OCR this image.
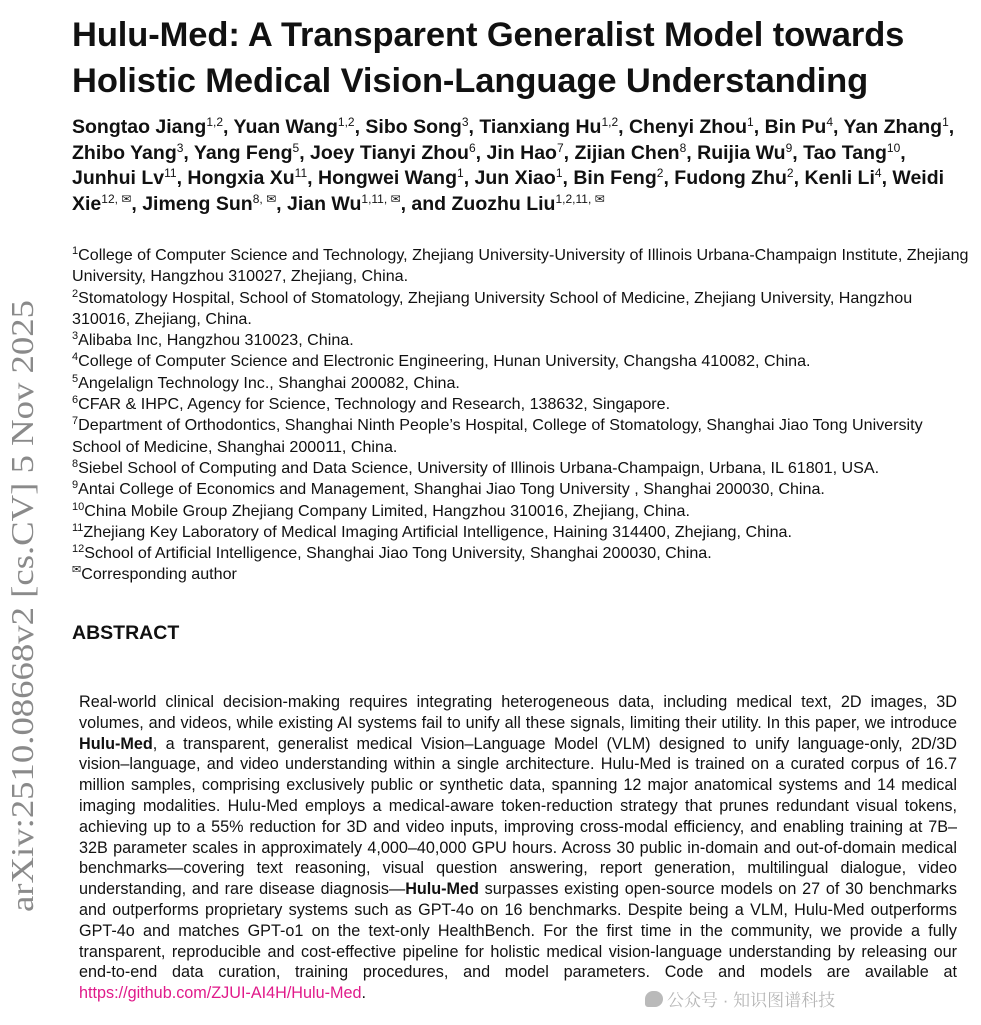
arXiv:2510.08668v2 [cs.CV] 5 Nov 2025
Hulu-Med: A Transparent Generalist Model towards Holistic Medical Vision-Language Understanding

Songtao Jiang$^{1,2}$, Yuan Wang$^{1,2}$, Sibo Song$^3$, Tianxiang Hu$^{1,2}$, Chenyi Zhou$^1$, Bin Pu$^4$, Yan Zhang$^1$, Zhibo Yang$^3$, Yang Feng$^5$, Joey Tianyi Zhou$^6$, Jin Hao$^7$, Zijian Chen$^8$, Ruijia Wu$^9$, Tao Tang$^{10}$, Junhui Lv$^{11}$, Hongxia Xu$^{11}$, Hongwei Wang$^1$, Jun Xiao$^1$, Bin Feng$^2$, Fudong Zhu$^2$, Kenli Li$^4$, Weidi Xie$^{12, ✉}$, Jimeng Sun$^{8, ✉}$, Jian $Wu^{1,11, ✉}$, and Zuozhu Liu$^{1,2,11, ✉}$

$^1$College of Computer Science and Technology, Zhejiang University-University of Illinois Urbana-Champaign Institute, Zhejiang University, Hangzhou 310027, Zhejiang, China.

$^2$Stomatology Hospital, School of Stomatology, Zhejiang University School of Medicine, Zhejiang University, Hangzhou 310016, Zhejiang, China.

$^3$Alibaba Inc, Hangzhou 310023, China.

$^4$College of Computer Science and Electronic Engineering, Hunan University, Changsha 410082, China.

$^5$Angelalign Technology Inc., Shanghai 200082, China.

$^6$CFAR & IHPC, Agency for Science, Technology and Research, 138632, Singapore.

$^7$Department of Orthodontics, Shanghai Ninth People’s Hospital, College of Stomatology, Shanghai Jiao Tong University School of Medicine, Shanghai 200011, China.

$^8$Siebel School of Computing and Data Science, University of Illinois Urbana-Champaign, Urbana, IL 61801, USA.

$^9$Antai College of Economics and Management, Shanghai Jiao Tong University , Shanghai 200030, China.

$^{10}$China Mobile Group Zhejiang Company Limited, Hangzhou 310016, Zhejiang, China.

$^{11}$Zhejiang Key Laboratory of Medical Imaging Artificial Intelligence, Haining 314400, Zhejiang, China.

$^{12}$School of Artificial Intelligence, Shanghai Jiao Tong University, Shanghai 200030, China.

✉Corresponding author

ABSTRACT

Real-world clinical decision-making requires integrating heterogeneous data, including medical text, 2D images, 3D volumes, and videos, while existing AI systems fail to unify all these signals, limiting their utility. In this paper, we introduce Hulu-Med, a transparent, generalist medical Vision–Language Model (VLM) designed to unify language-only, 2D/3D vision–language, and video understanding within a single architecture. Hulu-Med is trained on a curated corpus of 16.7 million samples, comprising exclusively public or synthetic data, spanning 12 major anatomical systems and 14 medical imaging modalities. Hulu-Med employs a medical-aware token-reduction strategy that prunes redundant visual tokens, achieving up to a 55% reduction for 3D and video inputs, improving cross-modal efficiency, and enabling training at 7B–32B parameter scales in approximately 4,000–40,000 GPU hours. Across 30 public in-domain and out-of-domain medical benchmarks—covering text reasoning, visual question answering, report generation, multilingual dialogue, video understanding, and rare disease diagnosis—Hulu-Med surpasses existing open-source models on 27 of 30 benchmarks and outperforms proprietary systems such as GPT-4o on 16 benchmarks. Despite being a VLM, Hulu-Med outperforms GPT-4o and matches GPT-o1 on the text-only HealthBench. For the first time in the community, we provide a fully transparent, reproducible and cost-effective pipeline for holistic medical vision-language understanding by releasing our end-to-end data curation, training procedures, and model parameters. Code and models are available at https://github.com/ZJUI-AI4H/Hulu-Med.	公众号 · 知识图谱科技
